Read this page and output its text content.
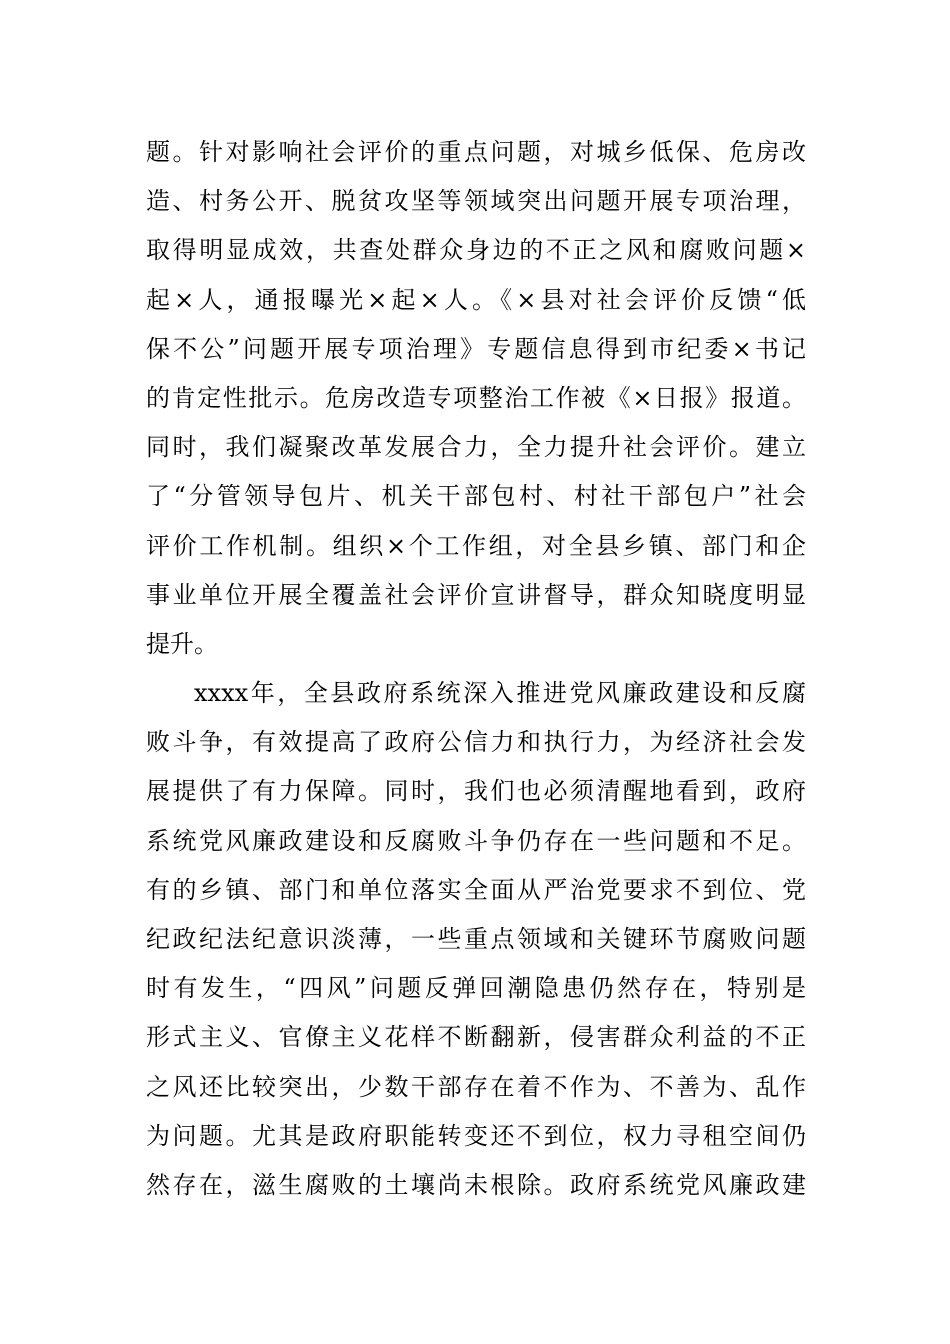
题。针对影响社会评价的重点问题，对城乡低保、危房改
造、村务公开、脱贫攻坚等领域突出问题开展专项治理，
取得明显成效，共查处群众身边的不正之风和腐败问题×
起×人，通报曝光×起×人。《×县对社会评价反馈“低
保不公”问题开展专项治理》专题信息得到市纪委×书记
的肯定性批示。危房改造专项整治工作被《×日报》报道。
同时，我们凝聚改革发展合力，全力提升社会评价。建立
了“分管领导包片、机关干部包村、村社干部包户”社会
评价工作机制。组织×个工作组，对全县乡镇、部门和企
事业单位开展全覆盖社会评价宣讲督导，群众知晓度明显
提升。
xxxx年，全县政府系统深入推进党风廉政建设和反腐
败斗争，有效提高了政府公信力和执行力，为经济社会发
展提供了有力保障。同时，我们也必须清醒地看到，政府
系统党风廉政建设和反腐败斗争仍存在一些问题和不足。
有的乡镇、部门和单位落实全面从严治党要求不到位、党
纪政纪法纪意识淡薄，一些重点领域和关键环节腐败问题
时有发生，“四风”问题反弹回潮隐患仍然存在，特别是
形式主义、官僚主义花样不断翻新，侵害群众利益的不正
之风还比较突出，少数干部存在着不作为、不善为、乱作
为问题。尤其是政府职能转变还不到位，权力寻租空间仍
然存在，滋生腐败的土壤尚未根除。政府系统党风廉政建
